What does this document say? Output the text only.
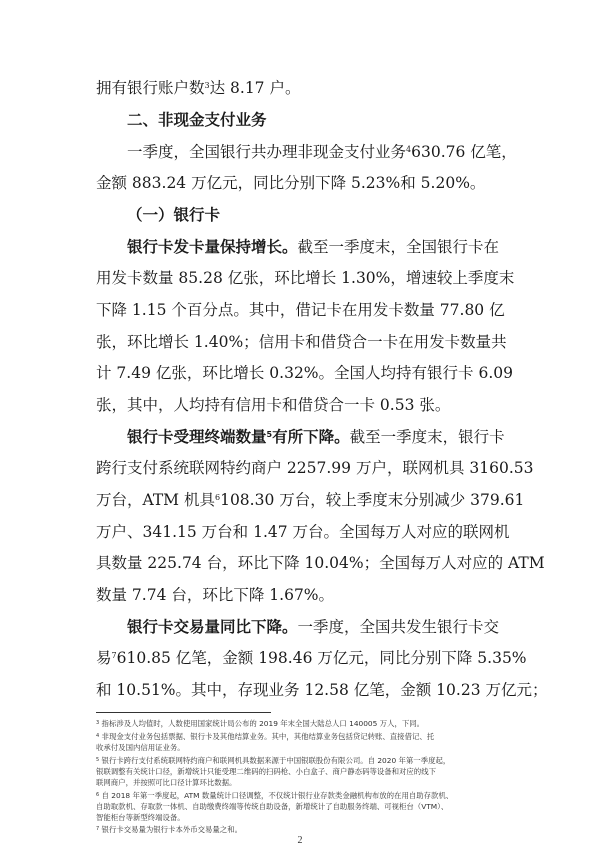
拥有银行账户数$^3$达 8.17 户。
二、非现金支付业务
一季度，全国银行共办理非现金支付业务$^4$630.76 亿笔，
金额 883.24 万亿元，同比分别下降 5.23%和 5.20%。
（一）银行卡
银行卡发卡量保持增长。截至一季度末，全国银行卡在
用发卡数量 85.28 亿张，环比增长 1.30%，增速较上季度末
下降 1.15 个百分点。其中，借记卡在用发卡数量 77.80 亿
张，环比增长 1.40%；信用卡和借贷合一卡在用发卡数量共
计 7.49 亿张，环比增长 0.32%。全国人均持有银行卡 6.09
张，其中，人均持有信用卡和借贷合一卡 0.53 张。
银行卡受理终端数量$^5$有所下降。截至一季度末，银行卡
跨行支付系统联网特约商户 2257.99 万户，联网机具 3160.53
万台，ATM 机具$^6$108.30 万台，较上季度末分别减少 379.61
万户、341.15 万台和 1.47 万台。全国每万人对应的联网机
具数量 225.74 台，环比下降 10.04%；全国每万人对应的 ATM
数量 7.74 台，环比下降 1.67%。
银行卡交易量同比下降。一季度，全国共发生银行卡交
易$^7$610.85 亿笔，金额 198.46 万亿元，同比分别下降 5.35%
和 10.51%。其中，存现业务 12.58 亿笔，金额 10.23 万亿元；
$^3$ 指标涉及人均值时，人数使用国家统计局公布的 2019 年末全国大陆总人口 140005 万人，下同。
$^4$ 非现金支付业务包括票据、银行卡及其他结算业务。其中，其他结算业务包括贷记转账、直接借记、托
收承付及国内信用证业务。
$^5$ 银行卡跨行支付系统联网特约商户和联网机具数据来源于中国银联股份有限公司。自 2020 年第一季度起，
银联调整有关统计口径，新增统计只能受理二维码的扫码枪、小白盒子、商户静态码等设备和对应的线下
联网商户，并按照可比口径计算环比数据。
$^6$ 自 2018 年第一季度起，ATM 数量统计口径调整，不仅统计银行业存款类金融机构布放的在用自助存款机、
自助取款机、存取款一体机、自助缴费终端等传统自助设备，新增统计了自助服务终端、可视柜台（VTM）、
智能柜台等新型终端设备。
$^7$ 银行卡交易量为银行卡本外币交易量之和。
2
